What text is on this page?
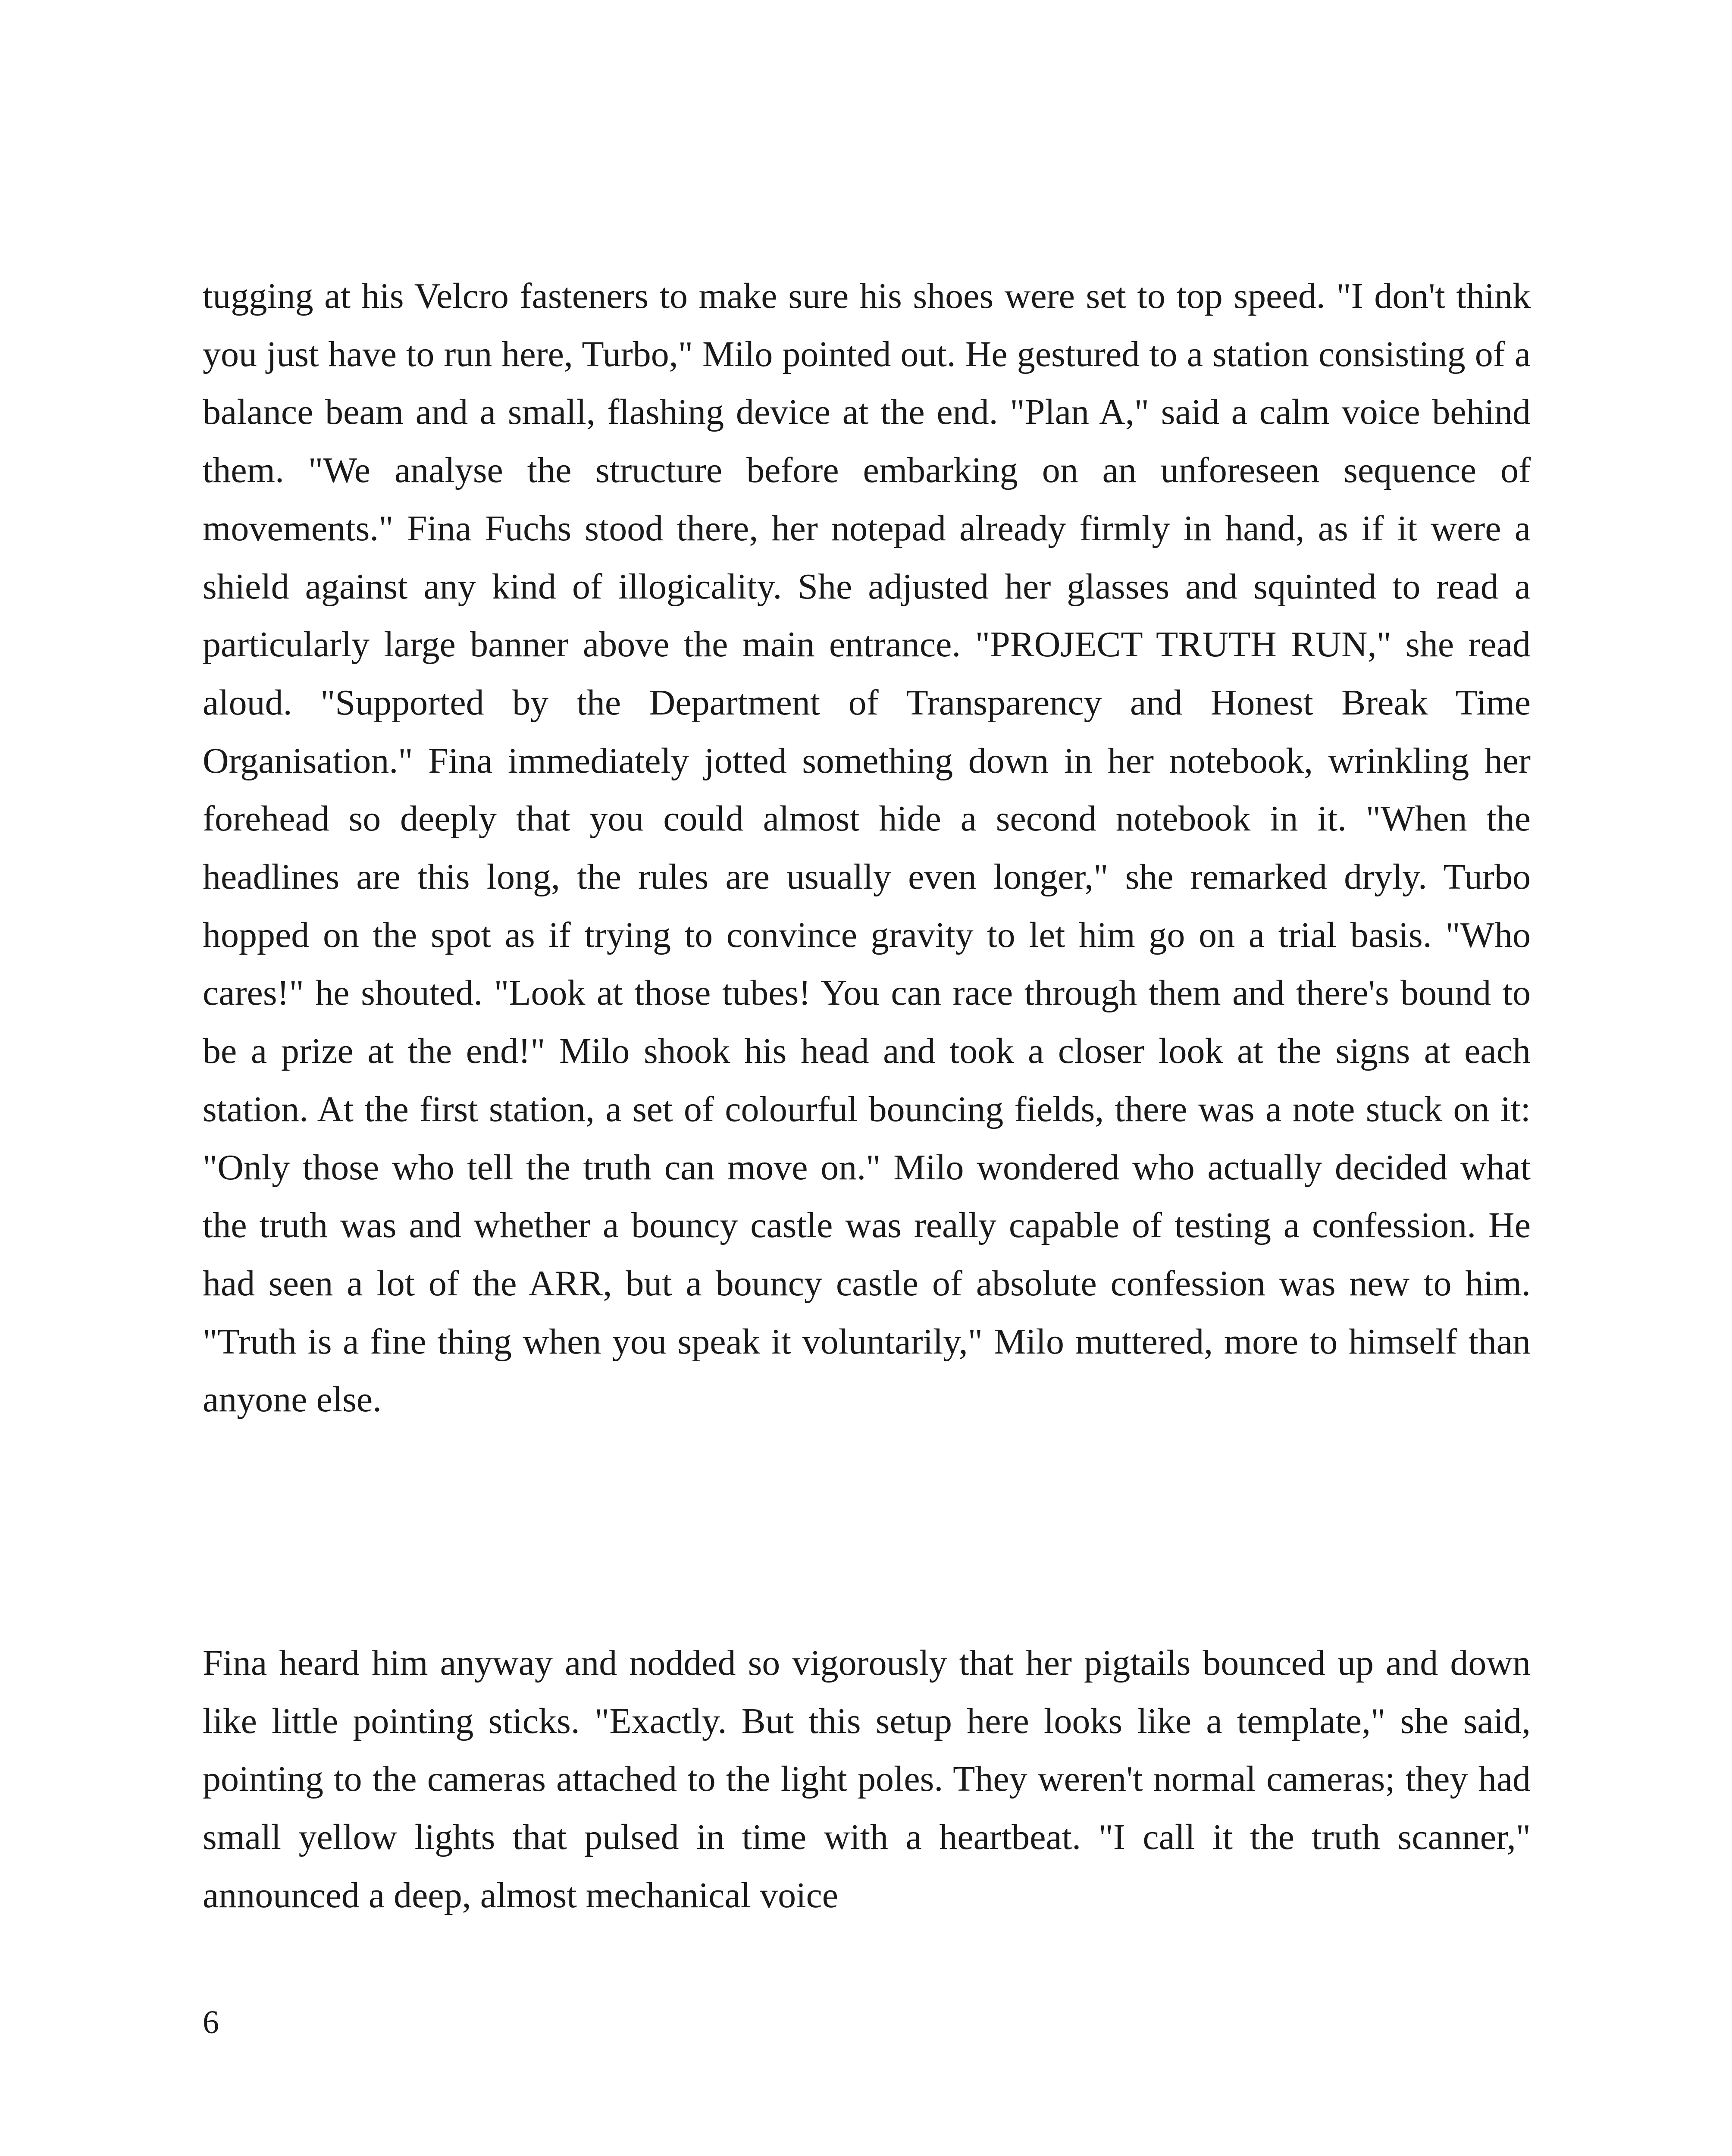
tugging at his Velcro fasteners to make sure his shoes were set to top speed. "I don't think you just have to run here, Turbo," Milo pointed out. He gestured to a station consisting of a balance beam and a small, flashing device at the end. "Plan A," said a calm voice behind them. "We analyse the structure before embarking on an unforeseen sequence of movements." Fina Fuchs stood there, her notepad already firmly in hand, as if it were a shield against any kind of illogicality. She adjusted her glasses and squinted to read a particularly large banner above the main entrance. "PROJECT TRUTH RUN," she read aloud. "Supported by the Department of Transparency and Honest Break Time Organisation." Fina immediately jotted something down in her notebook, wrinkling her forehead so deeply that you could almost hide a second notebook in it. "When the headlines are this long, the rules are usually even longer," she remarked dryly. Turbo hopped on the spot as if trying to convince gravity to let him go on a trial basis. "Who cares!" he shouted. "Look at those tubes! You can race through them and there's bound to be a prize at the end!" Milo shook his head and took a closer look at the signs at each station. At the first station, a set of colourful bouncing fields, there was a note stuck on it: "Only those who tell the truth can move on." Milo wondered who actually decided what the truth was and whether a bouncy castle was really capable of testing a confession. He had seen a lot of the ARR, but a bouncy castle of absolute confession was new to him. "Truth is a fine thing when you speak it voluntarily," Milo muttered, more to himself than anyone else.

Fina heard him anyway and nodded so vigorously that her pigtails bounced up and down like little pointing sticks. "Exactly. But this setup here looks like a template," she said, pointing to the cameras attached to the light poles. They weren't normal cameras; they had small yellow lights that pulsed in time with a heartbeat. "I call it the truth scanner," announced a deep, almost mechanical voice

6
